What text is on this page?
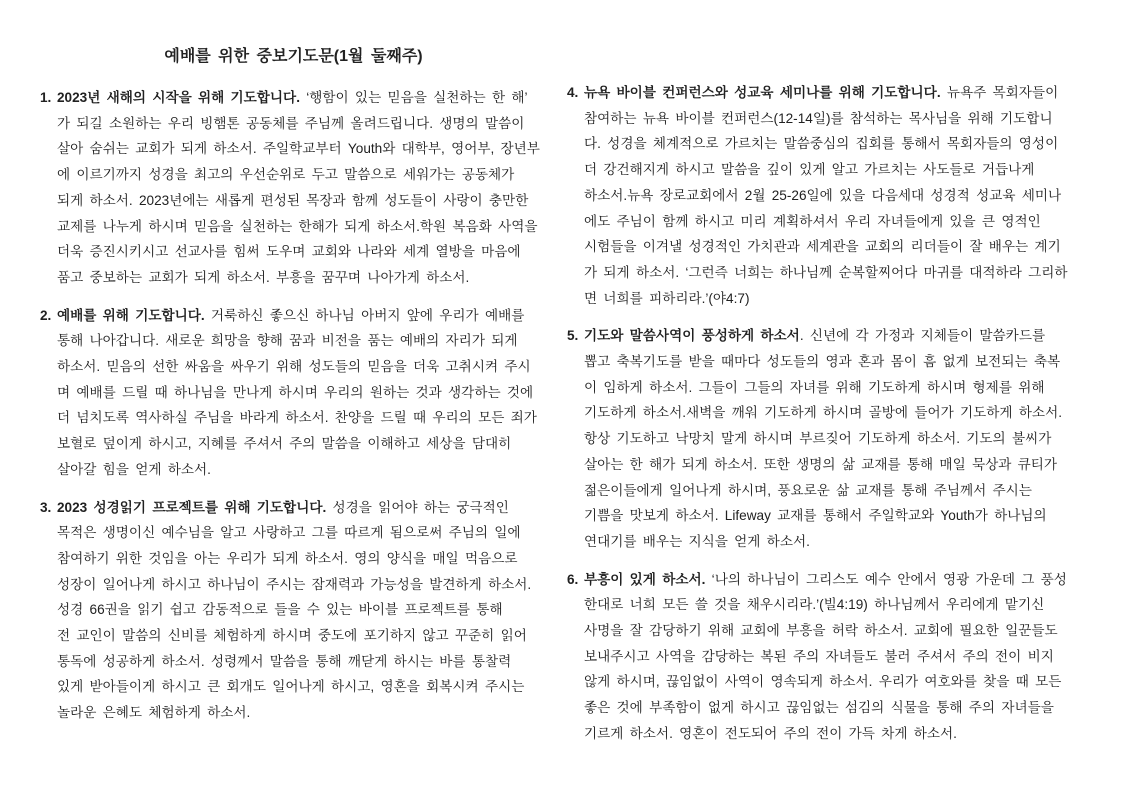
예배를 위한 중보기도문(1월 둘째주)
1. 2023년 새해의 시작을 위해 기도합니다. ‘행함이 있는 믿음을 실천하는 한 해’
가 되길 소원하는 우리 빙햄톤 공동체를 주님께 올려드립니다. 생명의 말씀이
살아 숨쉬는 교회가 되게 하소서. 주일학교부터 Youth와 대학부, 영어부, 장년부
에 이르기까지 성경을 최고의 우선순위로 두고 말씀으로 세워가는 공동체가
되게 하소서. 2023년에는 새롭게 편성된 목장과 함께 성도들이 사랑이 충만한
교제를 나누게 하시며 믿음을 실천하는 한해가 되게 하소서.학원 복음화 사역을
더욱 증진시키시고 선교사를 힘써 도우며 교회와 나라와 세계 열방을 마음에
품고 중보하는 교회가 되게 하소서. 부흥을 꿈꾸며 나아가게 하소서.
2. 예배를 위해 기도합니다. 거룩하신 좋으신 하나님 아버지 앞에 우리가 예배를
통해 나아갑니다. 새로운 희망을 향해 꿈과 비전을 품는 예배의 자리가 되게
하소서. 믿음의 선한 싸움을 싸우기 위해 성도들의 믿음을 더욱 고취시켜 주시
며 예배를 드릴 때 하나님을 만나게 하시며 우리의 원하는 것과 생각하는 것에
더 넘치도록 역사하실 주님을 바라게 하소서. 찬양을 드릴 때 우리의 모든 죄가
보혈로 덮이게 하시고, 지혜를 주셔서 주의 말씀을 이해하고 세상을 담대히
살아갈 힘을 얻게 하소서.
3. 2023 성경읽기 프로젝트를 위해 기도합니다. 성경을 읽어야 하는 궁극적인
목적은 생명이신 예수님을 알고 사랑하고 그를 따르게 됨으로써 주님의 일에
참여하기 위한 것임을 아는 우리가 되게 하소서. 영의 양식을 매일 먹음으로
성장이 일어나게 하시고 하나님이 주시는 잠재력과 가능성을 발견하게 하소서.
성경 66권을 읽기 쉽고 감동적으로 들을 수 있는 바이블 프로젝트를 통해
전 교인이 말씀의 신비를 체험하게 하시며 중도에 포기하지 않고 꾸준히 읽어
통독에 성공하게 하소서. 성령께서 말씀을 통해 깨닫게 하시는 바를 통찰력
있게 받아들이게 하시고 큰 회개도 일어나게 하시고, 영혼을 회복시켜 주시는
놀라운 은혜도 체험하게 하소서.
4. 뉴욕 바이블 컨퍼런스와 성교육 세미나를 위해 기도합니다. 뉴욕주 목회자들이
참여하는 뉴욕 바이블 컨퍼런스(12-14일)를 참석하는 목사님을 위해 기도합니
다. 성경을 체계적으로 가르치는 말씀중심의 집회를 통해서 목회자들의 영성이
더 강건해지게 하시고 말씀을 깊이 있게 알고 가르치는 사도들로 거듭나게
하소서.뉴욕 장로교회에서 2월 25-26일에 있을 다음세대 성경적 성교육 세미나
에도 주님이 함께 하시고 미리 계획하셔서 우리 자녀들에게 있을 큰 영적인
시험들을 이겨낼 성경적인 가치관과 세계관을 교회의 리더들이 잘 배우는 계기
가 되게 하소서. ‘그런즉 너희는 하나님께 순복할찌어다 마귀를 대적하라 그리하
면 너희를 피하리라.’(야4:7)
5. 기도와 말씀사역이 풍성하게 하소서. 신년에 각 가정과 지체들이 말씀카드를
뽑고 축복기도를 받을 때마다 성도들의 영과 혼과 몸이 흠 없게 보전되는 축복
이 임하게 하소서. 그들이 그들의 자녀를 위해 기도하게 하시며 형제를 위해
기도하게 하소서.새벽을 깨워 기도하게 하시며 골방에 들어가 기도하게 하소서.
항상 기도하고 낙망치 말게 하시며 부르짖어 기도하게 하소서. 기도의 불씨가
살아는 한 해가 되게 하소서. 또한 생명의 삶 교재를 통해 매일 묵상과 큐티가
젊은이들에게 일어나게 하시며, 풍요로운 삶 교재를 통해 주님께서 주시는
기쁨을 맛보게 하소서. Lifeway 교재를 통해서 주일학교와 Youth가 하나님의
연대기를 배우는 지식을 얻게 하소서.
6. 부흥이 있게 하소서. ‘나의 하나님이 그리스도 예수 안에서 영광 가운데 그 풍성
한대로 너희 모든 쓸 것을 채우시리라.’(빌4:19) 하나님께서 우리에게 맡기신
사명을 잘 감당하기 위해 교회에 부흥을 허락 하소서. 교회에 필요한 일꾼들도
보내주시고 사역을 감당하는 복된 주의 자녀들도 불러 주셔서 주의 전이 비지
않게 하시며, 끊임없이 사역이 영속되게 하소서. 우리가 여호와를 찾을 때 모든
좋은 것에 부족함이 없게 하시고 끊임없는 섬김의 식물을 통해 주의 자녀들을
기르게 하소서. 영혼이 전도되어 주의 전이 가득 차게 하소서.
